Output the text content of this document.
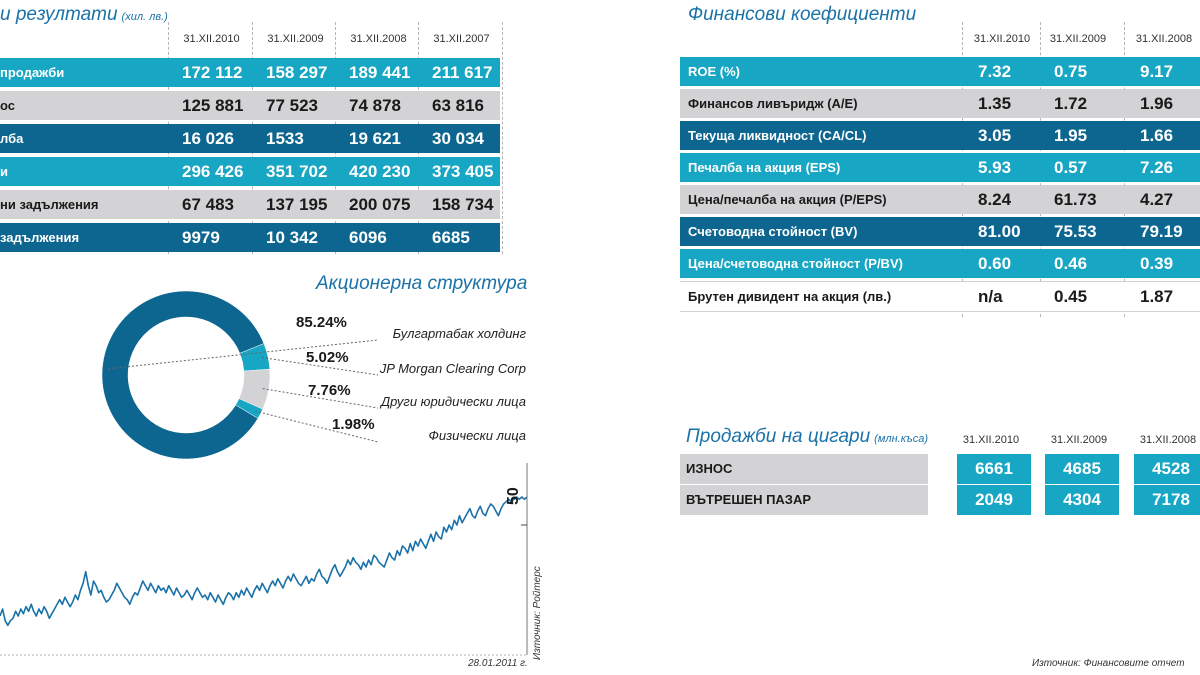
и резултати (хил. лв.)
31.XII.2010	31.XII.2009	31.XII.2008	31.XII.2007
продажби	172 112	158 297	189 441	211 617
ос	125 881	77 523	74 878	63 816
лба	16 026	1533	19 621	30 034
и	296 426	351 702	420 230	373 405
ни задължения	67 483	137 195	200 075	158 734
задължения	9979	10 342	6096	6685
Финансови коефициенти
31.XII.2010	31.XII.2009	31.XII.2008
ROE (%)	7.32	0.75	9.17
Финансов ливъридж (A/E)	1.35	1.72	1.96
Текуща ликвидност (CA/CL)	3.05	1.95	1.66
Печалба на акция (EPS)	5.93	0.57	7.26
Цена/печалба на акция (P/EPS)	8.24	61.73	4.27
Счетоводна стойност (BV)	81.00	75.53	79.19
Цена/счетоводна стойност (P/BV)	0.60	0.46	0.39
Брутен дивидент на акция (лв.)	n/a	0.45	1.87
Акционерна структура
85.24%
Булгартабак холдинг
5.02%
JP Morgan Clearing Corp
7.76%
Други юридически лица
1.98%
Физически лица
50
Източник: Ройтерс
28.01.2011 г.
Продажби на цигари (млн.къса)	31.XII.2010	31.XII.2009	31.XII.2008
ИЗНОС	6661	4685	4528
ВЪТРЕШЕН ПАЗАР	2049	4304	7178
Източник: Финансовите отчет
